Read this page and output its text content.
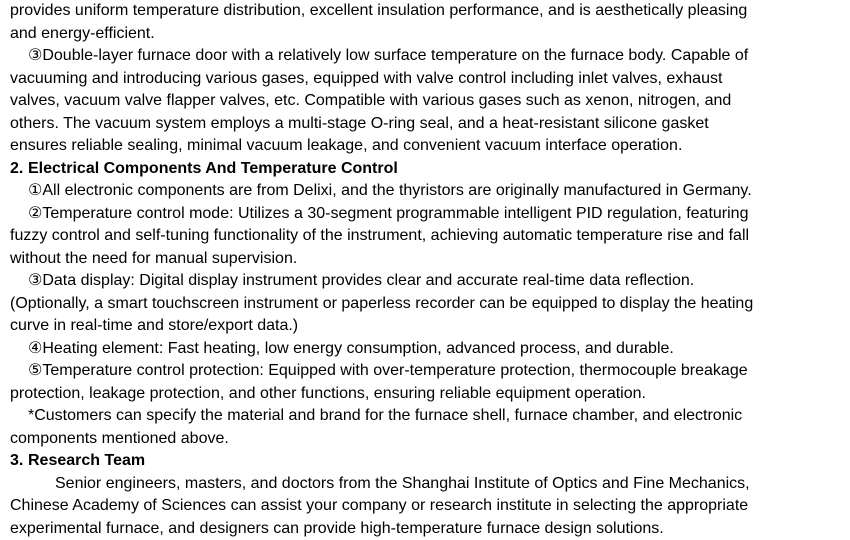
provides uniform temperature distribution, excellent insulation performance, and is aesthetically pleasing
and energy-efficient.
③Double-layer furnace door with a relatively low surface temperature on the furnace body. Capable of
vacuuming and introducing various gases, equipped with valve control including inlet valves, exhaust
valves, vacuum valve flapper valves, etc. Compatible with various gases such as xenon, nitrogen, and
others. The vacuum system employs a multi-stage O-ring seal, and a heat-resistant silicone gasket
ensures reliable sealing, minimal vacuum leakage, and convenient vacuum interface operation.
2. Electrical Components And Temperature Control
①All electronic components are from Delixi, and the thyristors are originally manufactured in Germany.
②Temperature control mode: Utilizes a 30-segment programmable intelligent PID regulation, featuring
fuzzy control and self-tuning functionality of the instrument, achieving automatic temperature rise and fall
without the need for manual supervision.
③Data display: Digital display instrument provides clear and accurate real-time data reflection.
(Optionally, a smart touchscreen instrument or paperless recorder can be equipped to display the heating
curve in real-time and store/export data.)
④Heating element: Fast heating, low energy consumption, advanced process, and durable.
⑤Temperature control protection: Equipped with over-temperature protection, thermocouple breakage
protection, leakage protection, and other functions, ensuring reliable equipment operation.
*Customers can specify the material and brand for the furnace shell, furnace chamber, and electronic
components mentioned above.
3. Research Team
Senior engineers, masters, and doctors from the Shanghai Institute of Optics and Fine Mechanics,
Chinese Academy of Sciences can assist your company or research institute in selecting the appropriate
experimental furnace, and designers can provide high-temperature furnace design solutions.
